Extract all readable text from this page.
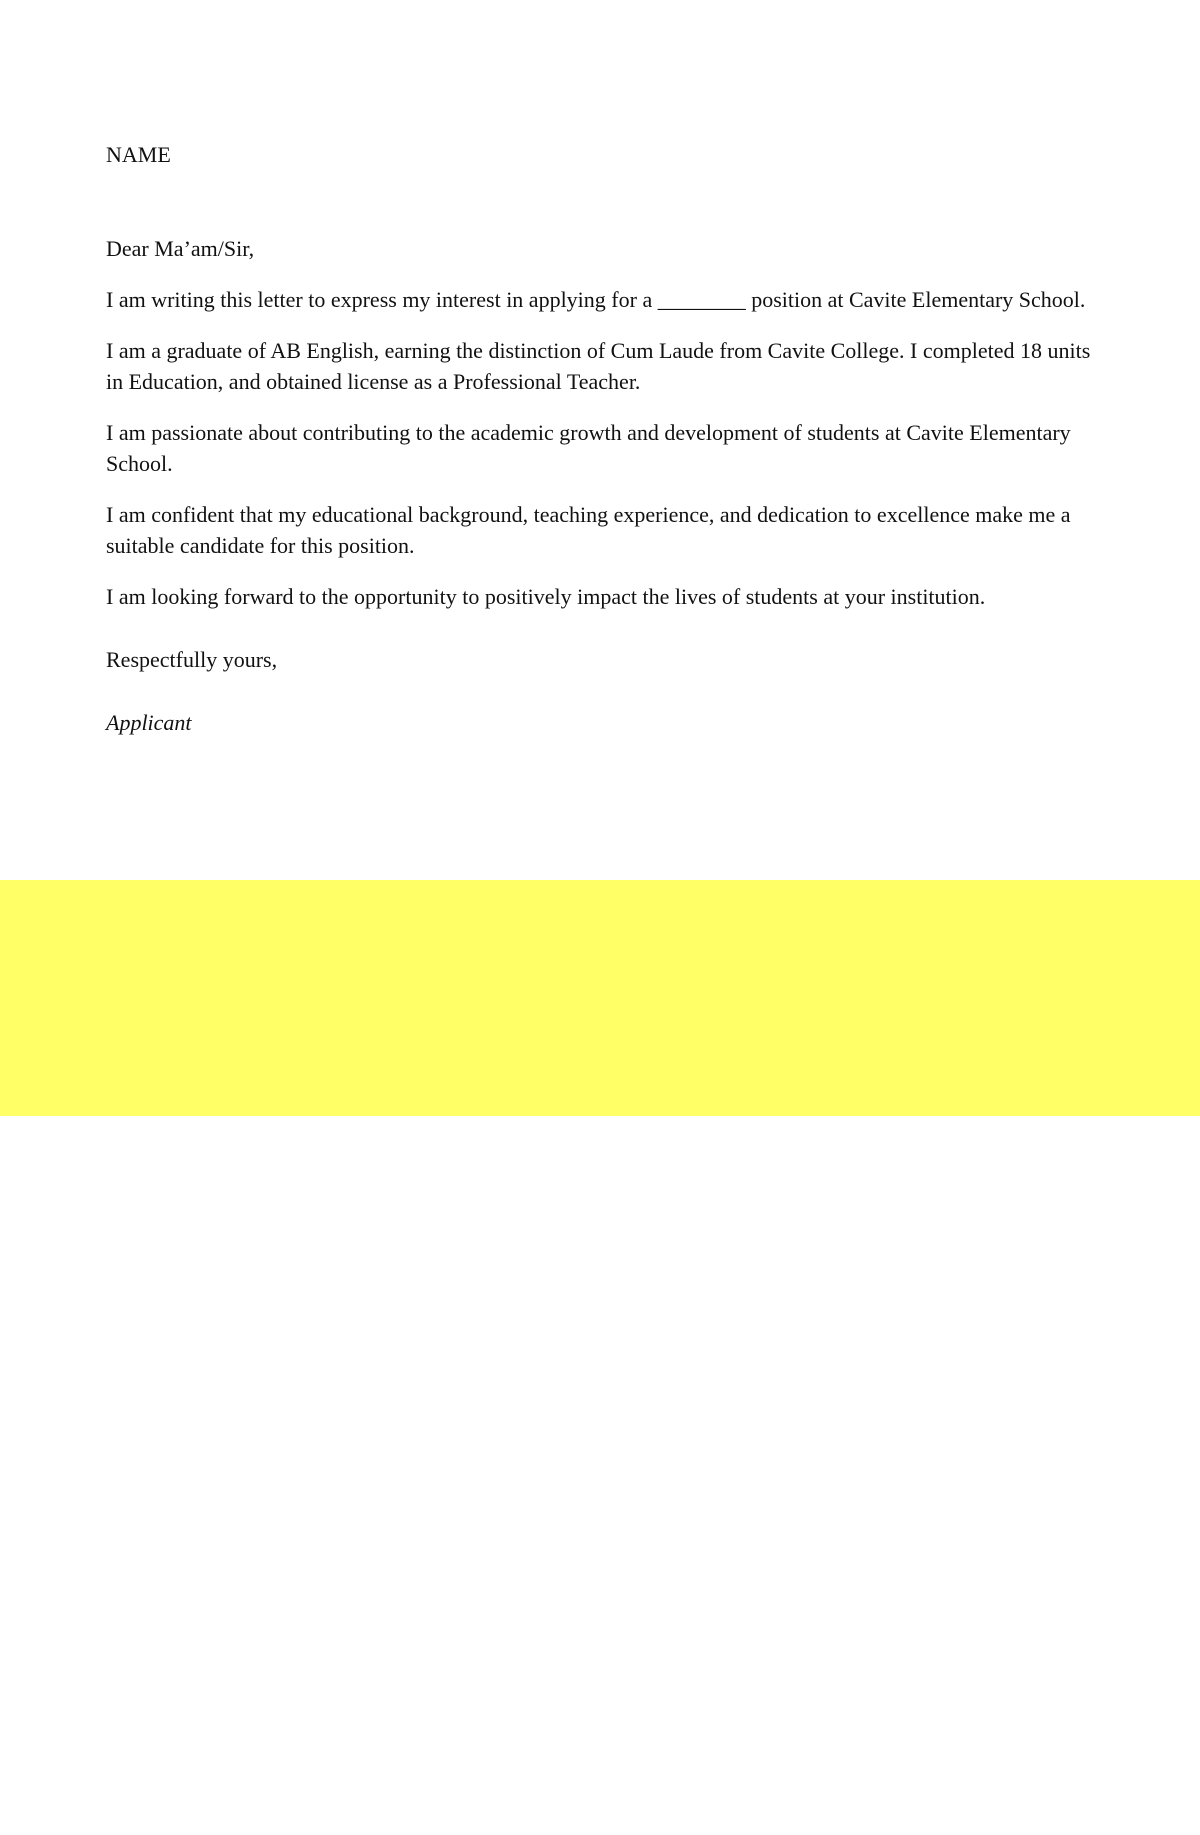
NAME

Dear Ma’am/Sir,

I am writing this letter to express my interest in applying for a ________ position at Cavite Elementary School.

I am a graduate of AB English, earning the distinction of Cum Laude from Cavite College. I completed 18 units in Education, and obtained license as a Professional Teacher.

I am passionate about contributing to the academic growth and development of students at Cavite Elementary School.

I am confident that my educational background, teaching experience, and dedication to excellence make me a suitable candidate for this position.

I am looking forward to the opportunity to positively impact the lives of students at your institution.

Respectfully yours,

Applicant
